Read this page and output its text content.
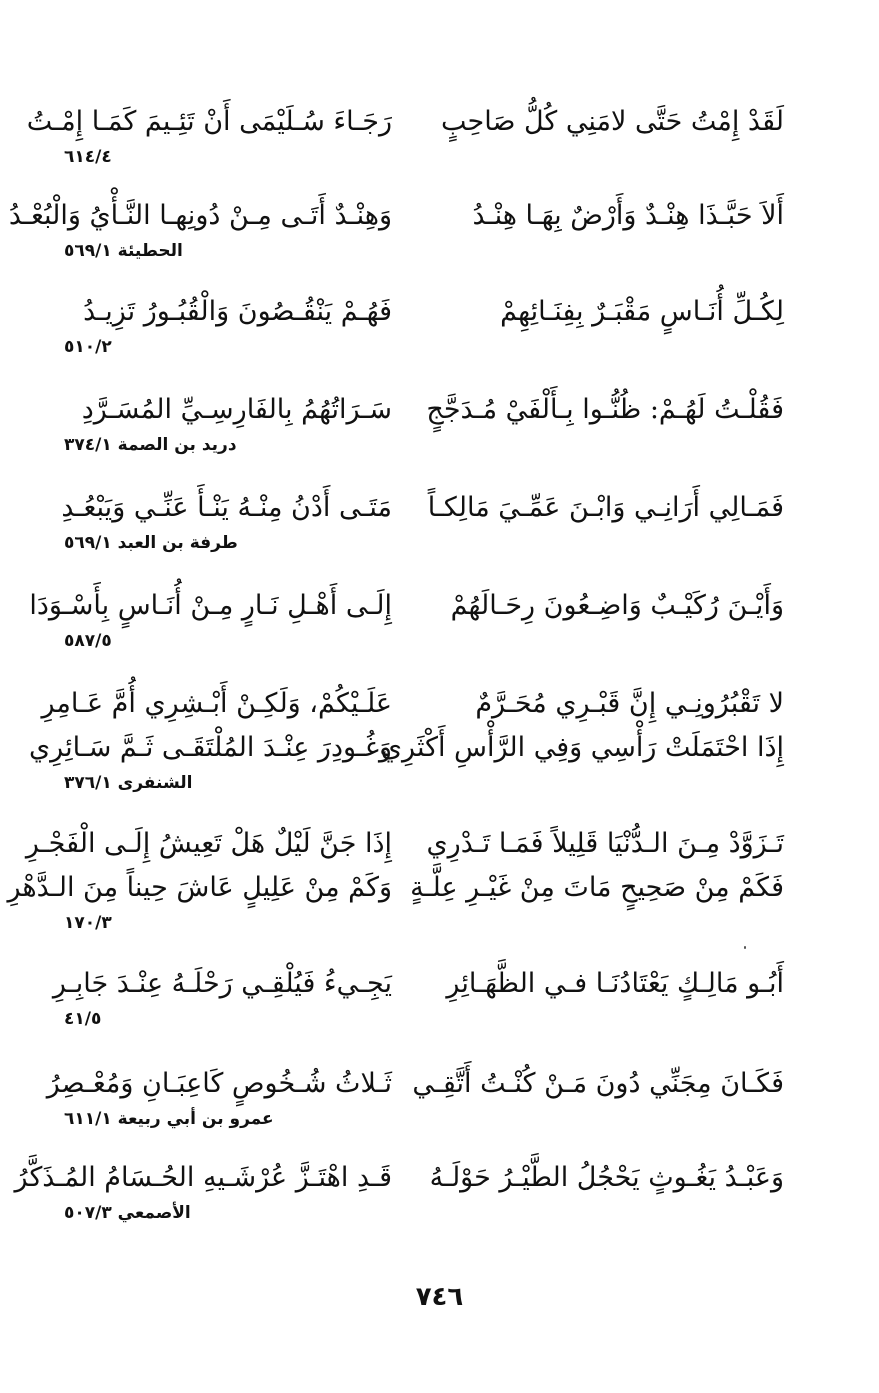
لَقَدْ إِمْتُ حَتَّى لامَنِي كُلُّ صَاحِبٍ
رَجَـاءَ سُـلَيْمَى أَنْ تَئِـيمَ كَمَـا إِمْـتُ
٦١٤/٤
أَلاَ حَبَّـذَا هِنْـدٌ وَأَرْضٌ بِهَـا هِنْـدُ
وَهِنْـدٌ أَتَـى مِـنْ دُونِهـا النَّـأْيُ وَالْبُعْـدُ
الحطيئة ٥٦٩/١
لِكُـلِّ أُنَـاسٍ مَقْبَـرٌ بِفِنَـائِهِمْ
فَهُـمْ يَنْقُـصُونَ وَالْقُبُـورُ تَزِيـدُ
٥١٠/٢
فَقُلْـتُ لَهُـمْ: ظُنُّـوا بِـأَلْفَيْ مُـدَجَّجٍ
سَـرَاتُهُمُ بِالفَارِسِـيِّ المُسَـرَّدِ
دريد بن الصمة ٣٧٤/١
فَمَـالِي أَرَانِـي وَابْـنَ عَمِّـيَ مَالِكـاً
مَتَـى أَدْنُ مِنْـهُ يَنْـأَ عَنِّـي وَيَبْعُـدِ
طرفة بن العبد ٥٦٩/١
وَأَيْـنَ رُكَيْـبٌ وَاضِـعُونَ رِحَـالَهُمْ
إِلَـى أَهْـلِ نَـارٍ مِـنْ أُنَـاسٍ بِأَسْـوَدَا
٥٨٧/٥
لا تَقْبُرُونِـي إِنَّ قَبْـرِي مُحَـرَّمٌ
عَلَـيْكُمْ، وَلَكِـنْ أَبْـشِرِي أُمَّ عَـامِرِ
إِذَا احْتَمَلَتْ رَأْسِي وَفِي الرَّأْسِ أَكْثَرِي
وَغُـودِرَ عِنْـدَ المُلْتَقَـى ثَـمَّ سَـائِرِي
الشنفرى ٣٧٦/١
تَـزَوَّدْ مِـنَ الـدُّنْيَا قَلِيلاً فَمَـا تَـدْرِي
إِذَا جَنَّ لَيْلٌ هَلْ تَعِيشُ إِلَـى الْفَجْـرِ
فَكَمْ مِنْ صَحِيحٍ مَاتَ مِنْ غَيْـرِ عِلَّـةٍ
وَكَمْ مِنْ عَلِيلٍ عَاشَ حِيناً مِنَ الـدَّهْرِ
١٧٠/٣
أَبُـو مَالِـكٍ يَعْتَادُنَـا فـي الظَّهَـائِرِ
يَجِـيءُ فَيُلْقِـي رَحْلَـهُ عِنْـدَ جَابِـرِ
٤١/٥
فَكَـانَ مِجَنِّي دُونَ مَـنْ كُنْـتُ أَتَّقِـي
ثَـلاثُ شُـخُوصٍ كَاعِبَـانِ وَمُعْـصِرُ
عمرو بن أبي ربيعة ٦١١/١
وَعَبْـدُ يَغُـوثٍ يَحْجُلُ الطَّيْـرُ حَوْلَـهُ
قَـدِ اهْتَـزَّ عُرْشَـيهِ الحُـسَامُ المُـذَكَّرُ
الأصمعي ٥٠٧/٣
٧٤٦
